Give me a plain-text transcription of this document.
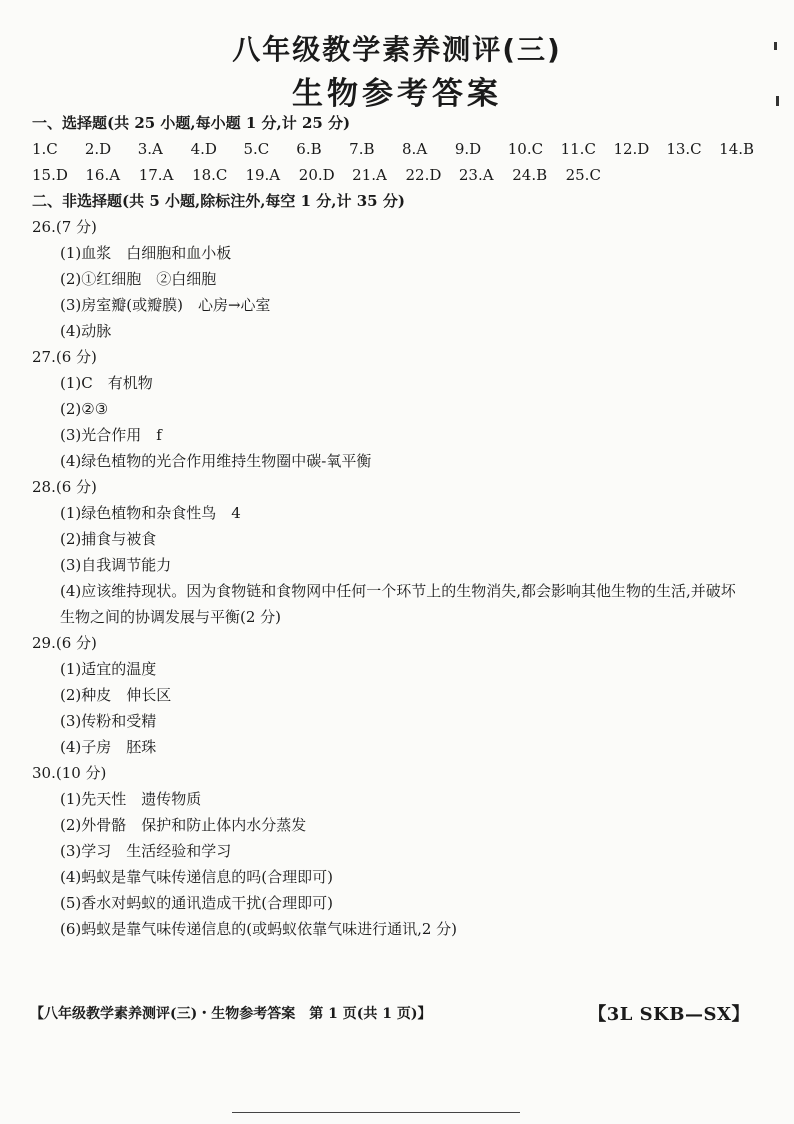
八年级教学素养测评(三)
生物参考答案
一、选择题(共 25 小题,每小题 1 分,计 25 分)
1.C	2.D	3.A	4.D	5.C	6.B	7.B	8.A	9.D	10.C	11.C	12.D	13.C	14.B
15.D	16.A	17.A	18.C	19.A	20.D	21.A	22.D	23.A	24.B	25.C
二、非选择题(共 5 小题,除标注外,每空 1 分,计 35 分)
26.(7 分)
(1)血浆　白细胞和血小板
(2)①红细胞　②白细胞
(3)房室瓣(或瓣膜)　心房→心室
(4)动脉
27.(6 分)
(1)C　有机物
(2)②③
(3)光合作用　f
(4)绿色植物的光合作用维持生物圈中碳-氧平衡
28.(6 分)
(1)绿色植物和杂食性鸟　4
(2)捕食与被食
(3)自我调节能力
(4)应该维持现状。因为食物链和食物网中任何一个环节上的生物消失,都会影响其他生物的生活,并破坏生物之间的协调发展与平衡(2 分)
29.(6 分)
(1)适宜的温度
(2)种皮　伸长区
(3)传粉和受精
(4)子房　胚珠
30.(10 分)
(1)先天性　遗传物质
(2)外骨骼　保护和防止体内水分蒸发
(3)学习　生活经验和学习
(4)蚂蚁是靠气味传递信息的吗(合理即可)
(5)香水对蚂蚁的通讯造成干扰(合理即可)
(6)蚂蚁是靠气味传递信息的(或蚂蚁依靠气味进行通讯,2 分)
【八年级教学素养测评(三)・生物参考答案　第 1 页(共 1 页)】	【3L SKB—SX】
